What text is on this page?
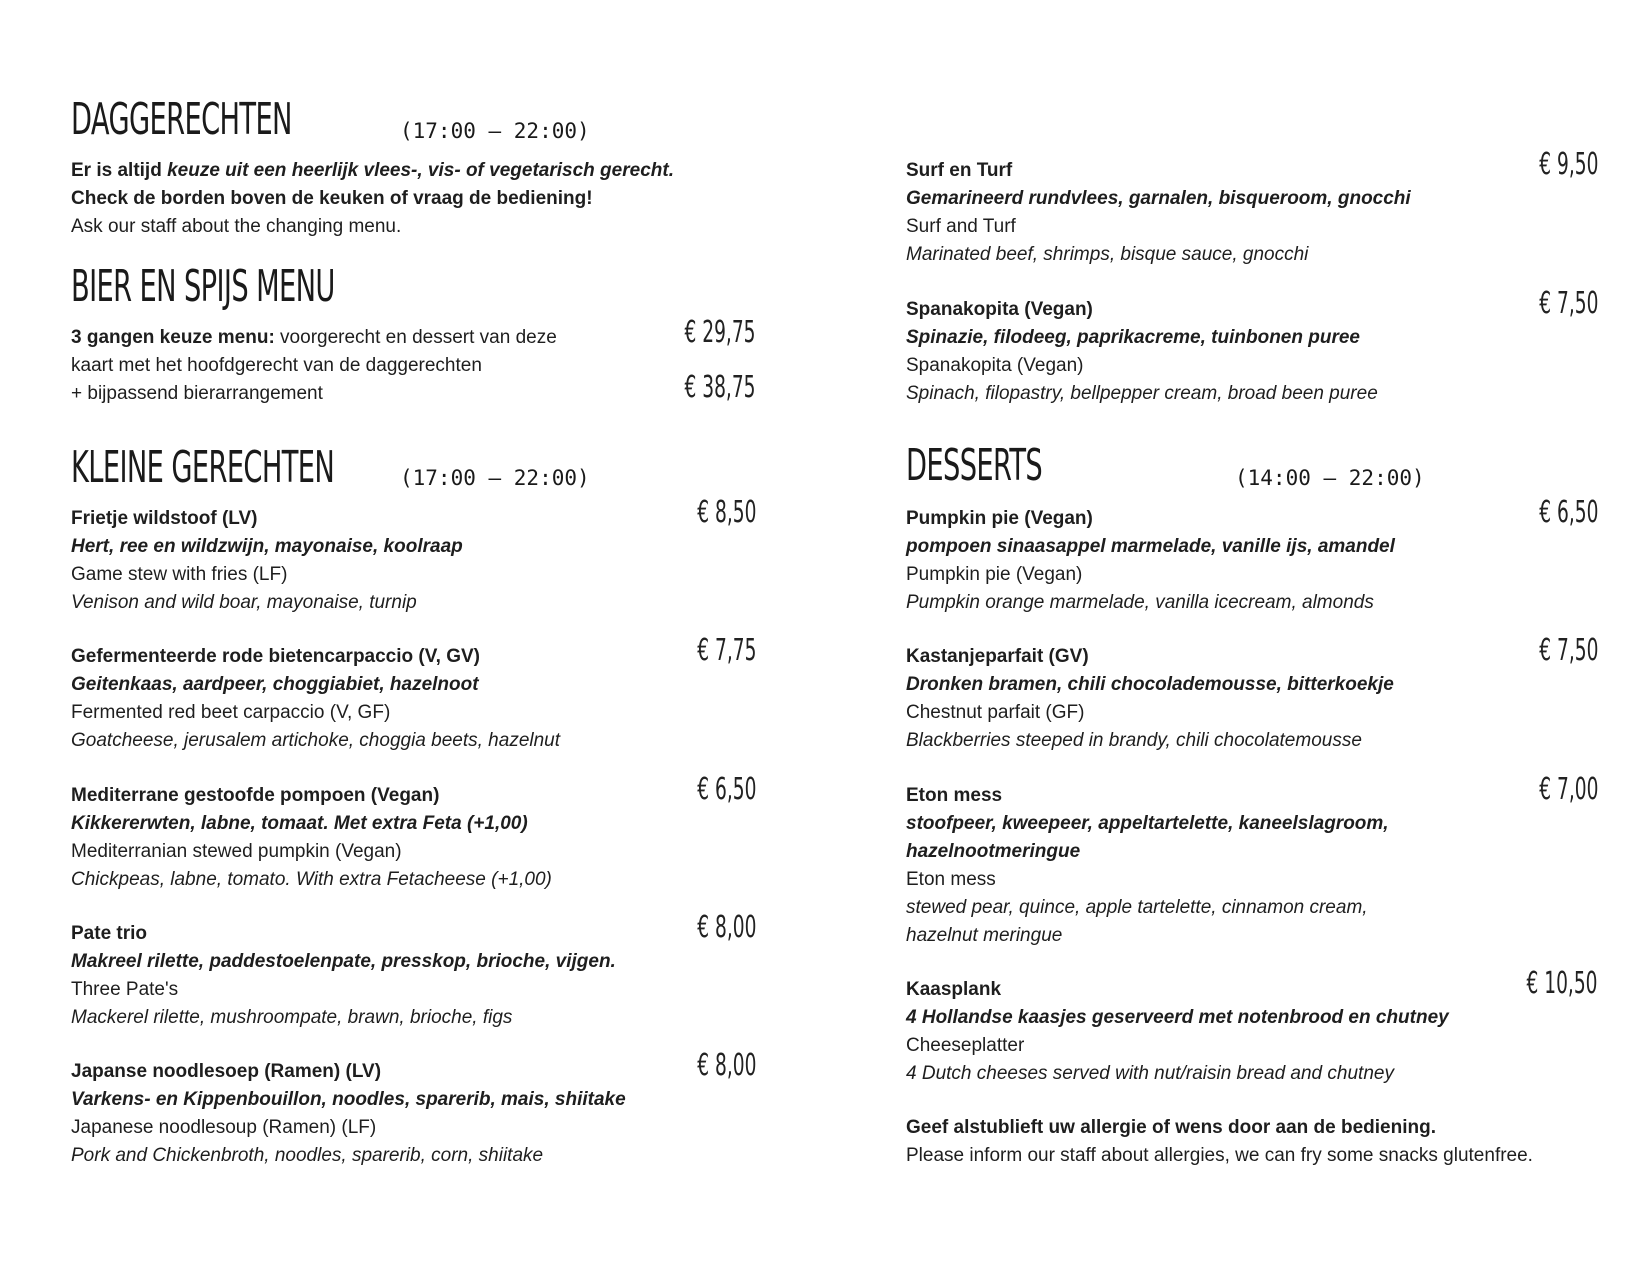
DAGGERECHTEN	(17:00 – 22:00)
Er is altijd keuze uit een heerlijk vlees-, vis- of vegetarisch gerecht.
Check de borden boven de keuken of vraag de bediening!
Ask our staff about the changing menu.
BIER EN SPIJS MENU
3 gangen keuze menu: voorgerecht en dessert van deze
kaart met het hoofdgerecht van de daggerechten
+ bijpassend bierarrangement
€ 29,75
€ 38,75
KLEINE GERECHTEN	(17:00 – 22:00)
Frietje wildstoof (LV)
Hert, ree en wildzwijn, mayonaise, koolraap
Game stew with fries (LF)
Venison and wild boar, mayonaise, turnip
€ 8,50
Gefermenteerde rode bietencarpaccio (V, GV)
Geitenkaas, aardpeer, choggiabiet, hazelnoot
Fermented red beet carpaccio (V, GF)
Goatcheese, jerusalem artichoke, choggia beets, hazelnut
€ 7,75
Mediterrane gestoofde pompoen (Vegan)
Kikkererwten, labne, tomaat. Met extra Feta (+1,00)
Mediterranian stewed pumpkin (Vegan)
Chickpeas, labne, tomato. With extra Fetacheese (+1,00)
€ 6,50
Pate trio
Makreel rilette, paddestoelenpate, presskop, brioche, vijgen.
Three Pate's
Mackerel rilette, mushroompate, brawn, brioche, figs
€ 8,00
Japanse noodlesoep (Ramen) (LV)
Varkens- en Kippenbouillon, noodles, sparerib, mais, shiitake
Japanese noodlesoup (Ramen) (LF)
Pork and Chickenbroth, noodles, sparerib, corn, shiitake
€ 8,00
Surf en Turf
Gemarineerd rundvlees, garnalen, bisqueroom, gnocchi
Surf and Turf
Marinated beef, shrimps, bisque sauce, gnocchi
€ 9,50
Spanakopita (Vegan)
Spinazie, filodeeg, paprikacreme, tuinbonen puree
Spanakopita (Vegan)
Spinach, filopastry, bellpepper cream, broad been puree
€ 7,50
DESSERTS	(14:00 – 22:00)
Pumpkin pie (Vegan)
pompoen sinaasappel marmelade, vanille ijs, amandel
Pumpkin pie (Vegan)
Pumpkin orange marmelade, vanilla icecream, almonds
€ 6,50
Kastanjeparfait (GV)
Dronken bramen, chili chocolademousse, bitterkoekje
Chestnut parfait (GF)
Blackberries steeped in brandy, chili chocolatemousse
€ 7,50
Eton mess
stoofpeer, kweepeer, appeltartelette, kaneelslagroom,
hazelnootmeringue
Eton mess
stewed pear, quince, apple tartelette, cinnamon cream,
hazelnut meringue
€ 7,00
Kaasplank
4 Hollandse kaasjes geserveerd met notenbrood en chutney
Cheeseplatter
4 Dutch cheeses served with nut/raisin bread and chutney
€ 10,50
Geef alstublieft uw allergie of wens door aan de bediening.
Please inform our staff about allergies, we can fry some snacks glutenfree.
